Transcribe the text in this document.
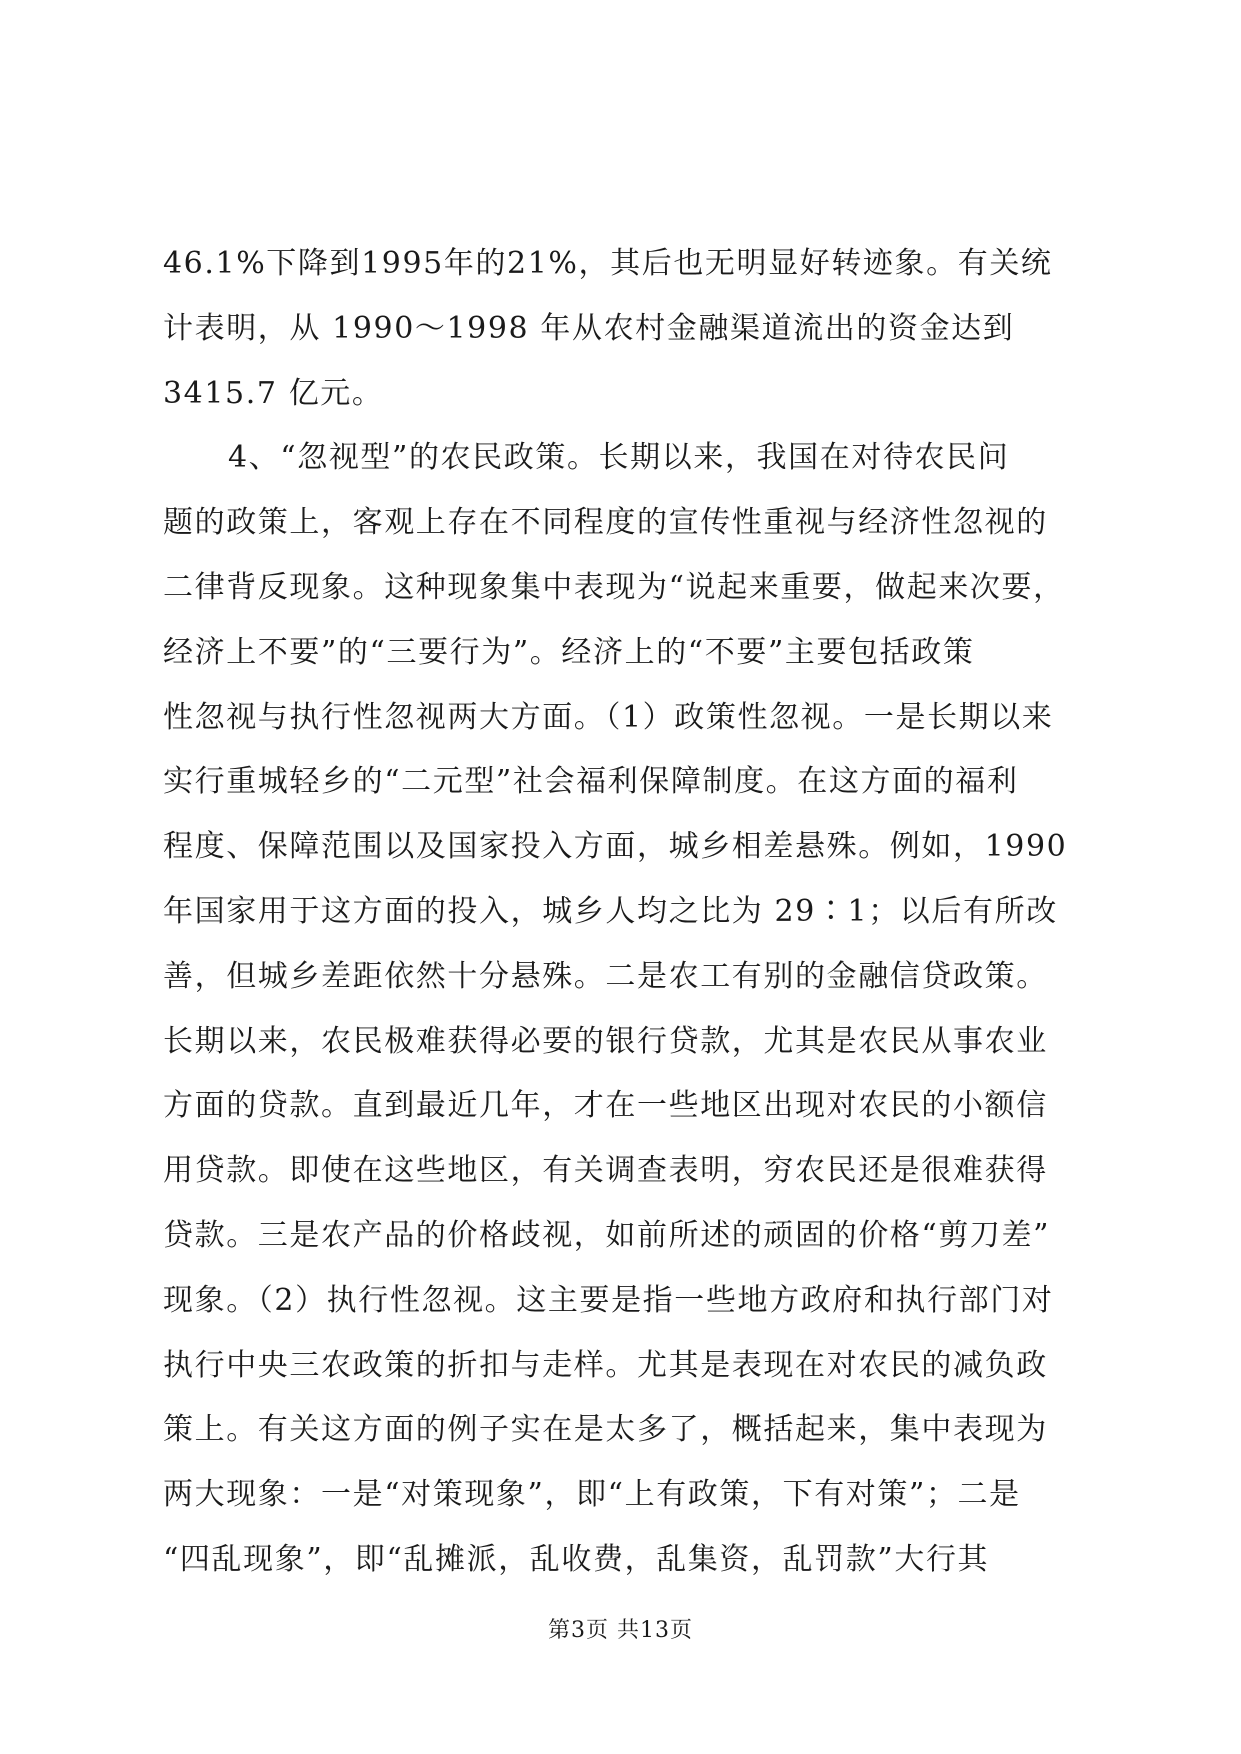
46.1%下降到1995年的21%，其后也无明显好转迹象。有关统
计表明，从 1990～1998 年从农村金融渠道流出的资金达到
3415.7 亿元。
4、“忽视型”的农民政策。长期以来，我国在对待农民问
题的政策上，客观上存在不同程度的宣传性重视与经济性忽视的
二律背反现象。这种现象集中表现为“说起来重要，做起来次要，
经济上不要”的“三要行为”。经济上的“不要”主要包括政策
性忽视与执行性忽视两大方面。（1）政策性忽视。一是长期以来
实行重城轻乡的“二元型”社会福利保障制度。在这方面的福利
程度、保障范围以及国家投入方面，城乡相差悬殊。例如，1990
年国家用于这方面的投入，城乡人均之比为 29∶1；以后有所改
善，但城乡差距依然十分悬殊。二是农工有别的金融信贷政策。
长期以来，农民极难获得必要的银行贷款，尤其是农民从事农业
方面的贷款。直到最近几年，才在一些地区出现对农民的小额信
用贷款。即使在这些地区，有关调查表明，穷农民还是很难获得
贷款。三是农产品的价格歧视，如前所述的顽固的价格“剪刀差”
现象。（2）执行性忽视。这主要是指一些地方政府和执行部门对
执行中央三农政策的折扣与走样。尤其是表现在对农民的减负政
策上。有关这方面的例子实在是太多了，概括起来，集中表现为
两大现象：一是“对策现象”，即“上有政策，下有对策”；二是
“四乱现象”，即“乱摊派，乱收费，乱集资，乱罚款”大行其
第3页 共13页
